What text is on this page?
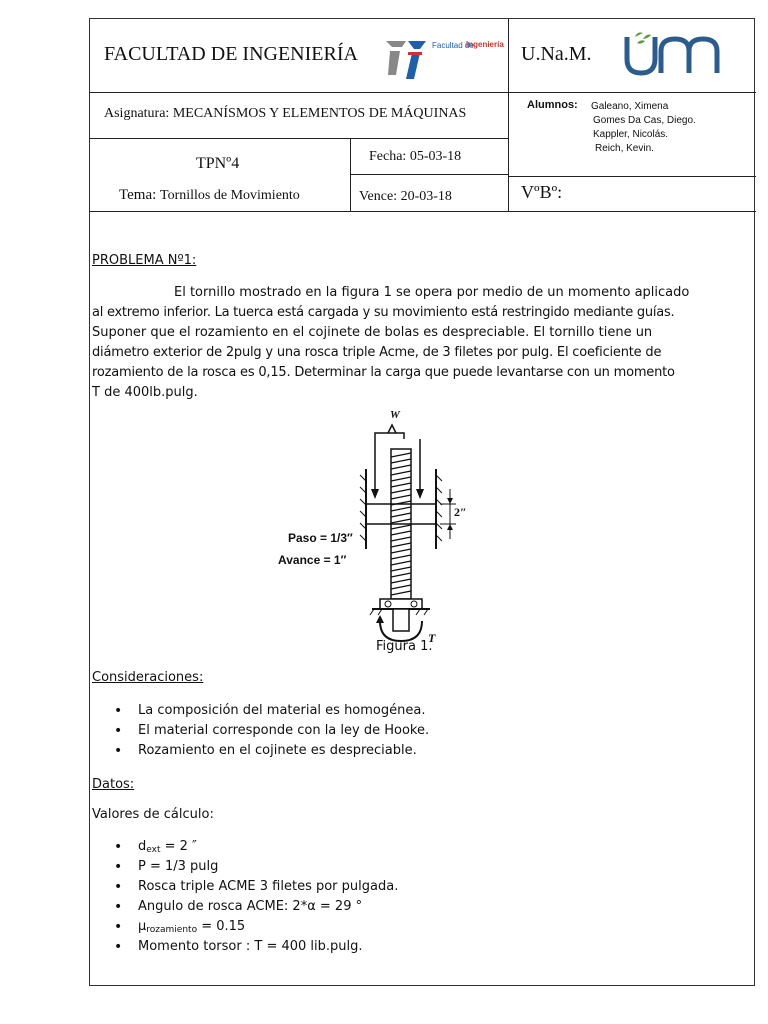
FACULTAD DE INGENIERÍA	Facultad de
Ingeniería U.Na.M.
Asignatura: MECANÍSMOS Y ELEMENTOS DE MÁQUINAS
Alumnos: Galeano, Ximena
Gomes Da Cas, Diego.
Kappler, Nicolás.
Reich, Kevin.
TPNº4
Tema: Tornillos de Movimiento
Fecha: 05-03-18
Vence: 20-03-18	VºBº:
PROBLEMA Nº1:
El tornillo mostrado en la figura 1 se opera por medio de un momento aplicado
al extremo inferior. La tuerca está cargada y su movimiento está restringido mediante guías.
Suponer que el rozamiento en el cojinete de bolas es despreciable. El tornillo tiene un
diámetro exterior de 2pulg y una rosca triple Acme, de 3 filetes por pulg. El coeficiente de
rozamiento de la rosca es 0,15. Determinar la carga que puede levantarse con un momento
T de 400lb.pulg.
W
2″
Paso = 1/3″
Avance = 1″
T
Figura 1.
Consideraciones:
• La composición del material es homogénea.
• El material corresponde con la ley de Hooke.
• Rozamiento en el cojinete es despreciable.
Datos:
Valores de cálculo:
• $d_{ext} = 2$ ″
• P = 1/3 pulg
• Rosca triple ACME 3 filetes por pulgada.
• Angulo de rosca ACME: 2*α = 29 °
• $\mu_{rozamiento} = 0.15$
• Momento torsor : T = 400 lib.pulg.
